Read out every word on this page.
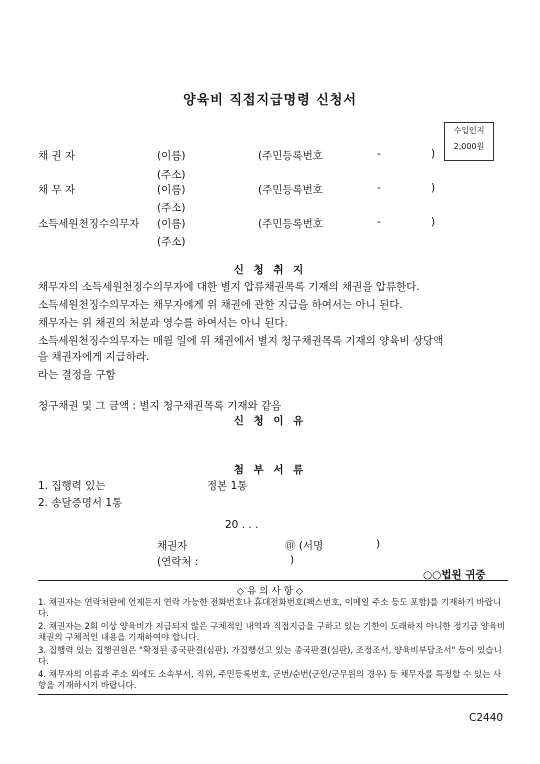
양육비 직접지급명령 신청서
수입인지
2,000원
채 권 자	(이름)	(주민등록번호	-	)
(주소)
채 무 자	(이름)	(주민등록번호	-	)
(주소)
소득세원천징수의무자 (이름)	(주민등록번호	-	)
(주소)
신 청 취 지
채무자의 소득세원천징수의무자에 대한 별지 압류채권목록 기재의 채권을 압류한다.
소득세원천징수의무자는 채무자에게 위 채권에 관한 지급을 하여서는 아니 된다.
채무자는 위 채권의 처분과 영수를 하여서는 아니 된다.
소득세원천징수의무자는 매월 일에 위 채권에서 별지 청구채권목록 기재의 양육비 상당액
을 채권자에게 지급하라.
라는 결정을 구함
청구채권 및 그 금액 : 별지 청구채권목록 기재와 같음
신 청 이 유
첨 부 서 류
1. 집행력 있는	정본 1통
2. 송달증명서 1통
20 . . .
채권자	㊞ (서명	)
(연락처 :	)
○○법원 귀중
◇ 유 의 사 항 ◇
1. 채권자는 연락처란에 언제든지 연락 가능한 전화번호나 휴대전화번호(팩스번호, 이메일 주소 등도 포함)를 기재하기 바랍니다.
2. 채권자는 2회 이상 양육비가 지급되지 않은 구체적인 내역과 직접지급을 구하고 있는 기한이 도래하지 아니한 정기금 양육비 채권의 구체적인 내용을 기재하여야 합니다.
3. 집행력 있는 집행권원은 "확정된 종국판결(심판), 가집행선고 있는 종국판결(심판), 조정조서, 양육비부담조서" 등이 있습니다.
4. 채무자의 이름과 주소 외에도 소속부서, 직위, 주민등록번호, 군번/순번(군인/군무원의 경우) 등 채무자를 특정할 수 있는 사항을 기재하시기 바랍니다.
C2440
